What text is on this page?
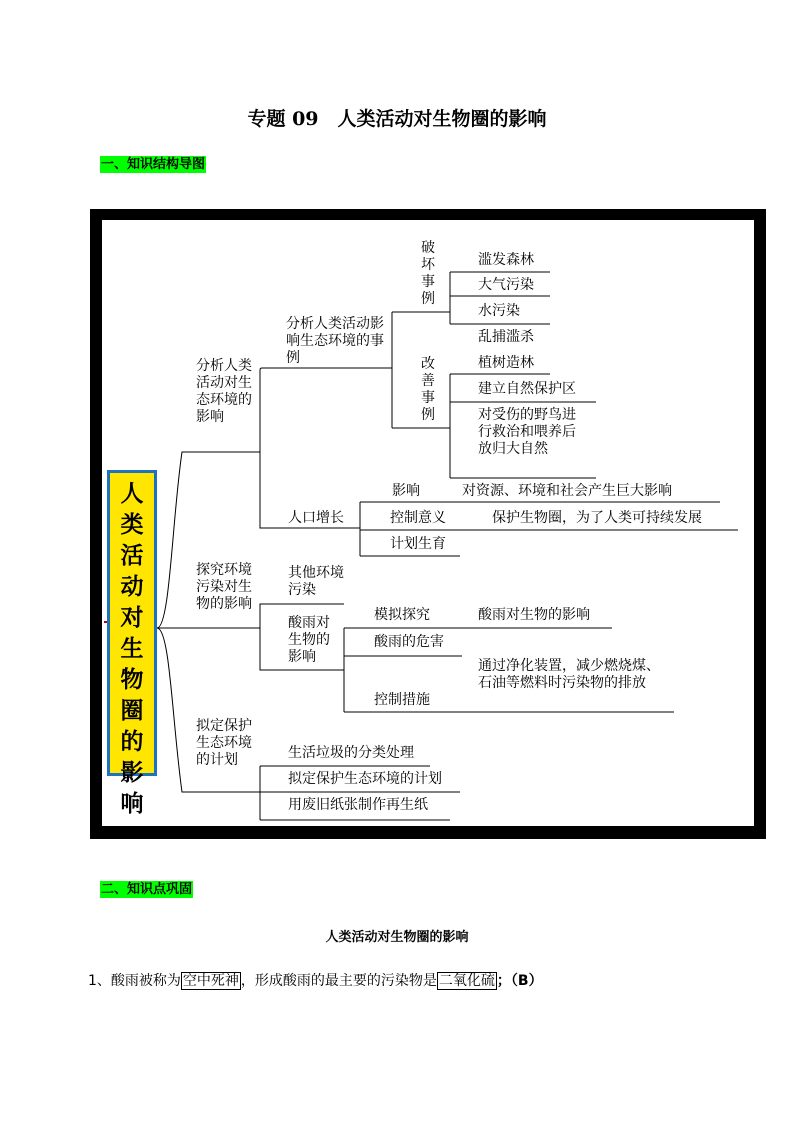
专题 09　人类活动对生物圈的影响
一、知识结构导图
人类活动对生物圈的影响
分析人类活动对生态环境的影响
分析人类活动影响生态环境的事例
破坏事例
滥发森林
大气污染
水污染
乱捕滥杀
改善事例
植树造林
建立自然保护区
对受伤的野鸟进行救治和喂养后放归大自然
人口增长
影响	对资源、环境和社会产生巨大影响
控制意义	保护生物圈，为了人类可持续发展
计划生育
探究环境污染对生物的影响
其他环境污染
酸雨对生物的影响
模拟探究	酸雨对生物的影响
酸雨的危害
控制措施
通过净化装置，减少燃烧煤、石油等燃料时污染物的排放
拟定保护生态环境的计划	生活垃圾的分类处理
拟定保护生态环境的计划
用废旧纸张制作再生纸
二、知识点巩固
人类活动对生物圈的影响
1、酸雨被称为 空中死神 ，形成酸雨的最主要的污染物是 二氧化硫 ；（B）
